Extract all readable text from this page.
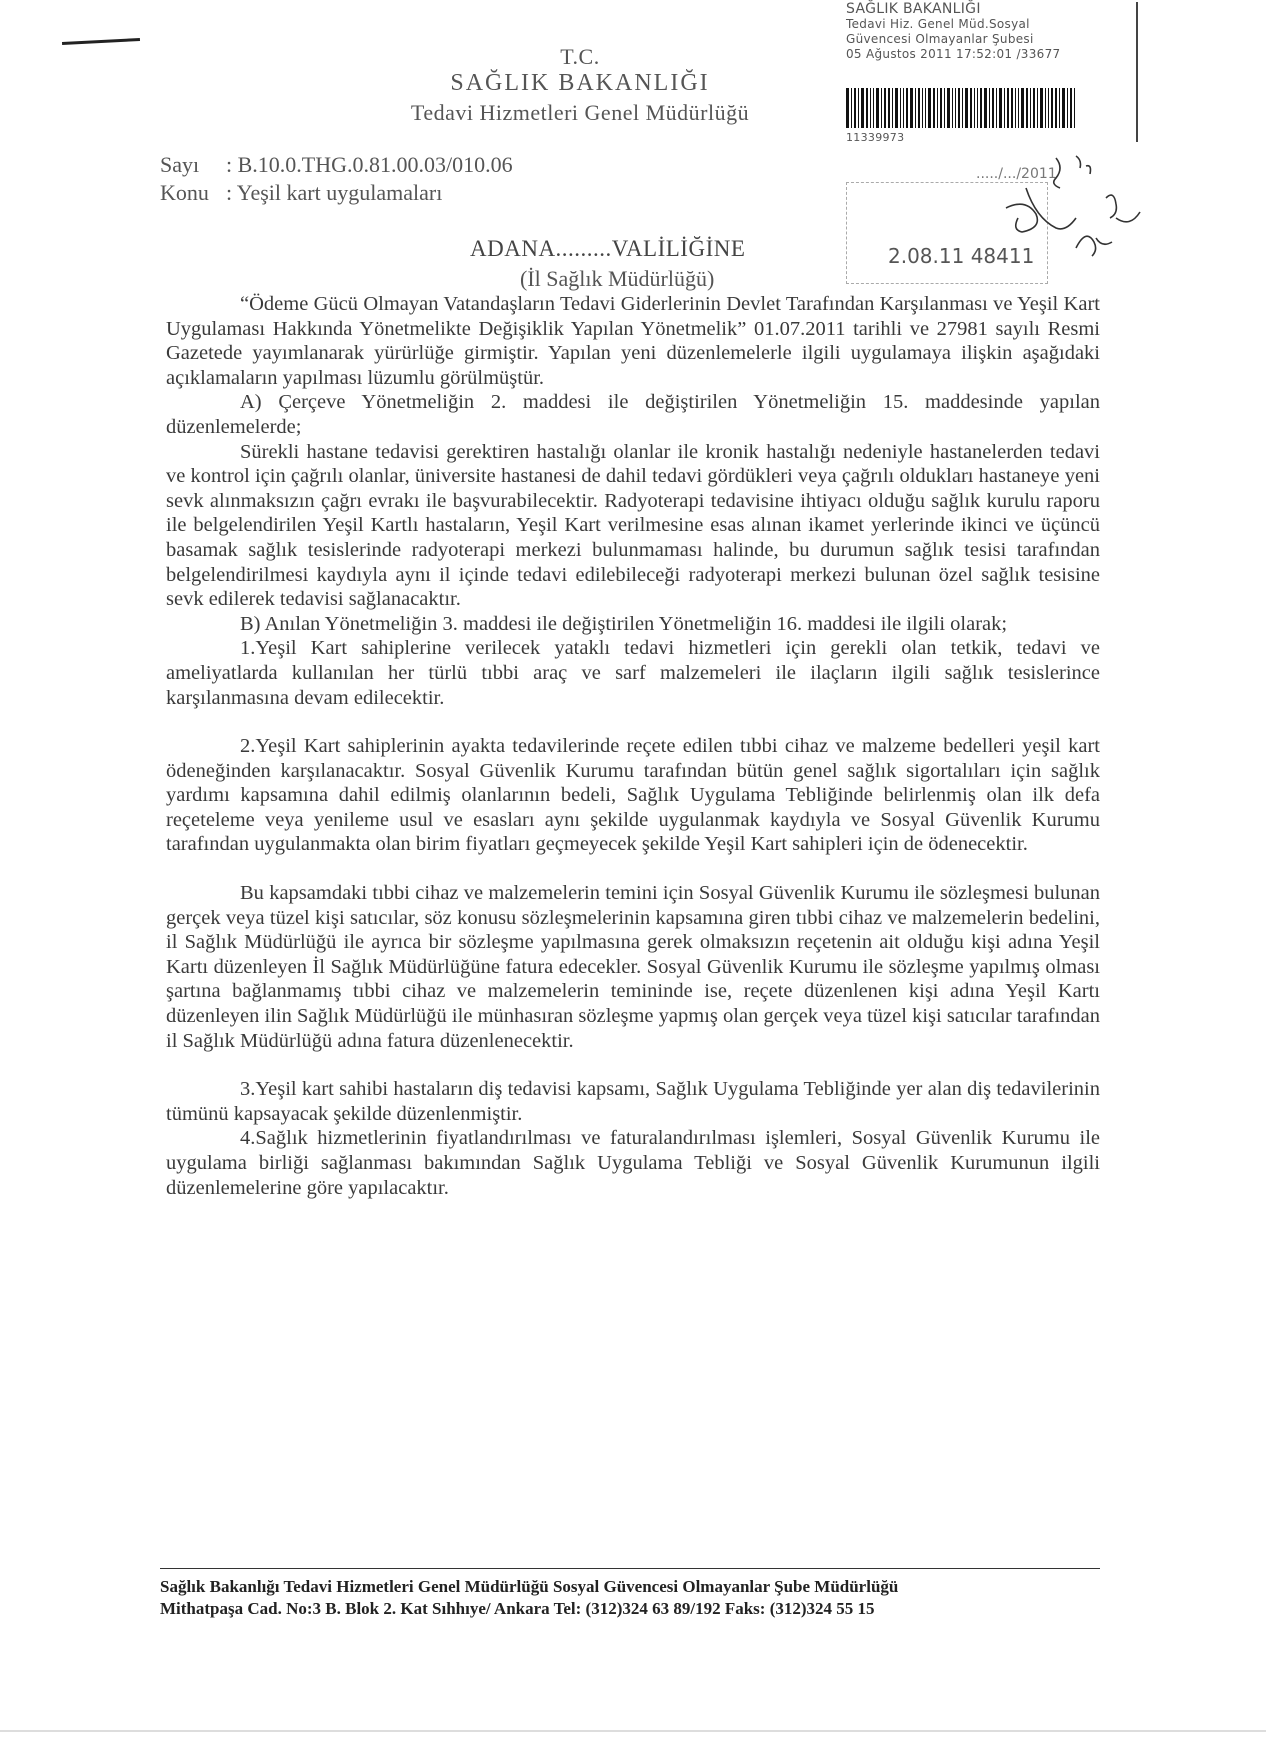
T.C.
SAĞLIK BAKANLIĞI
Tedavi Hizmetleri Genel Müdürlüğü
Sayı	: B.10.0.THG.0.81.00.03/010.06
Konu : Yeşil kart uygulamaları
ADANA.........VALİLİĞİNE
(İl Sağlık Müdürlüğü)
SAĞLIK BAKANLIĞI
Tedavi Hiz. Genel Müd.Sosyal
Güvencesi Olmayanlar Şubesi
05 Ağustos 2011 17:52:01 /33677
11339973
...../.../2011
2.08.11 48411

“Ödeme Gücü Olmayan Vatandaşların Tedavi Giderlerinin Devlet Tarafından Karşılanması ve Yeşil Kart Uygulaması Hakkında Yönetmelikte Değişiklik Yapılan Yönetmelik” 01.07.2011 tarihli ve 27981 sayılı Resmi Gazetede yayımlanarak yürürlüğe girmiştir. Yapılan yeni düzenlemelerle ilgili uygulamaya ilişkin aşağıdaki açıklamaların yapılması lüzumlu görülmüştür.

A) Çerçeve Yönetmeliğin 2. maddesi ile değiştirilen Yönetmeliğin 15. maddesinde yapılan düzenlemelerde;

Sürekli hastane tedavisi gerektiren hastalığı olanlar ile kronik hastalığı nedeniyle hastanelerden tedavi ve kontrol için çağrılı olanlar, üniversite hastanesi de dahil tedavi gördükleri veya çağrılı oldukları hastaneye yeni sevk alınmaksızın çağrı evrakı ile başvurabilecektir. Radyoterapi tedavisine ihtiyacı olduğu sağlık kurulu raporu ile belgelendirilen Yeşil Kartlı hastaların, Yeşil Kart verilmesine esas alınan ikamet yerlerinde ikinci ve üçüncü basamak sağlık tesislerinde radyoterapi merkezi bulunmaması halinde, bu durumun sağlık tesisi tarafından belgelendirilmesi kaydıyla aynı il içinde tedavi edilebileceği radyoterapi merkezi bulunan özel sağlık tesisine sevk edilerek tedavisi sağlanacaktır.

B) Anılan Yönetmeliğin 3. maddesi ile değiştirilen Yönetmeliğin 16. maddesi ile ilgili olarak;

1.Yeşil Kart sahiplerine verilecek yataklı tedavi hizmetleri için gerekli olan tetkik, tedavi ve ameliyatlarda kullanılan her türlü tıbbi araç ve sarf malzemeleri ile ilaçların ilgili sağlık tesislerince karşılanmasına devam edilecektir.

2.Yeşil Kart sahiplerinin ayakta tedavilerinde reçete edilen tıbbi cihaz ve malzeme bedelleri yeşil kart ödeneğinden karşılanacaktır. Sosyal Güvenlik Kurumu tarafından bütün genel sağlık sigortalıları için sağlık yardımı kapsamına dahil edilmiş olanlarının bedeli, Sağlık Uygulama Tebliğinde belirlenmiş olan ilk defa reçeteleme veya yenileme usul ve esasları aynı şekilde uygulanmak kaydıyla ve Sosyal Güvenlik Kurumu tarafından uygulanmakta olan birim fiyatları geçmeyecek şekilde Yeşil Kart sahipleri için de ödenecektir.

Bu kapsamdaki tıbbi cihaz ve malzemelerin temini için Sosyal Güvenlik Kurumu ile sözleşmesi bulunan gerçek veya tüzel kişi satıcılar, söz konusu sözleşmelerinin kapsamına giren tıbbi cihaz ve malzemelerin bedelini, il Sağlık Müdürlüğü ile ayrıca bir sözleşme yapılmasına gerek olmaksızın reçetenin ait olduğu kişi adına Yeşil Kartı düzenleyen İl Sağlık Müdürlüğüne fatura edecekler. Sosyal Güvenlik Kurumu ile sözleşme yapılmış olması şartına bağlanmamış tıbbi cihaz ve malzemelerin temininde ise, reçete düzenlenen kişi adına Yeşil Kartı düzenleyen ilin Sağlık Müdürlüğü ile münhasıran sözleşme yapmış olan gerçek veya tüzel kişi satıcılar tarafından il Sağlık Müdürlüğü adına fatura düzenlenecektir.

3.Yeşil kart sahibi hastaların diş tedavisi kapsamı, Sağlık Uygulama Tebliğinde yer alan diş tedavilerinin tümünü kapsayacak şekilde düzenlenmiştir.

4.Sağlık hizmetlerinin fiyatlandırılması ve faturalandırılması işlemleri, Sosyal Güvenlik Kurumu ile uygulama birliği sağlanması bakımından Sağlık Uygulama Tebliği ve Sosyal Güvenlik Kurumunun ilgili düzenlemelerine göre yapılacaktır.

Sağlık Bakanlığı Tedavi Hizmetleri Genel Müdürlüğü Sosyal Güvencesi Olmayanlar Şube Müdürlüğü
Mithatpaşa Cad. No:3 B. Blok 2. Kat Sıhhıye/ Ankara Tel: (312)324 63 89/192 Faks: (312)324 55 15
